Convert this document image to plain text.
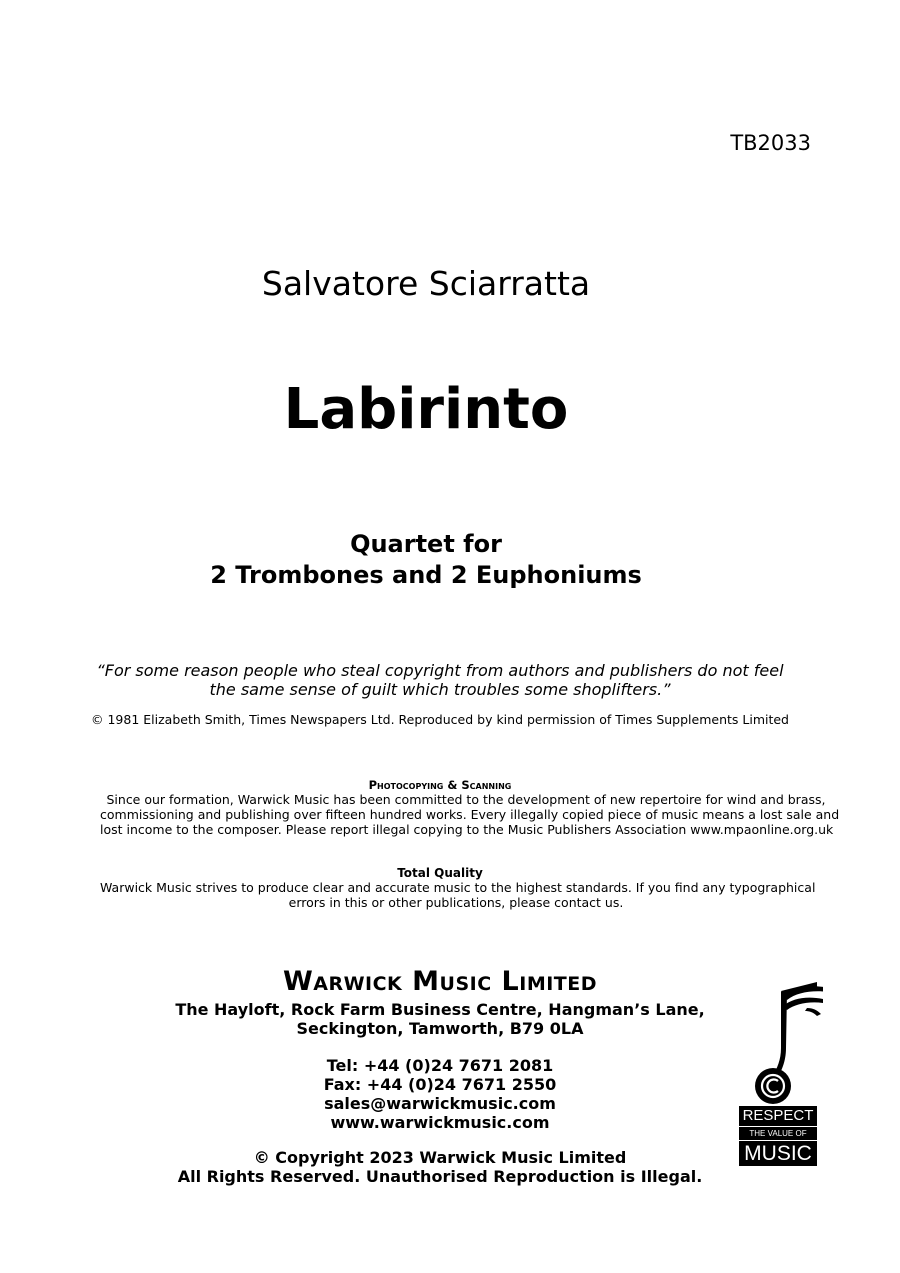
TB2033
Salvatore Sciarratta
Labirinto
Quartet for
2 Trombones and 2 Euphoniums
“For some reason people who steal copyright from authors and publishers do not feel
the same sense of guilt which troubles some shoplifters.”
© 1981 Elizabeth Smith, Times Newspapers Ltd. Reproduced by kind permission of Times Supplements Limited
Photocopying & Scanning
Since our formation, Warwick Music has been committed to the development of new repertoire for wind and brass,
commissioning and publishing over fifteen hundred works. Every illegally copied piece of music means a lost sale and
lost income to the composer. Please report illegal copying to the Music Publishers Association www.mpaonline.org.uk
Total Quality
Warwick Music strives to produce clear and accurate music to the highest standards. If you find any typographical
errors in this or other publications, please contact us.
Warwick Music Limited
The Hayloft, Rock Farm Business Centre, Hangman’s Lane,
Seckington, Tamworth, B79 0LA
Tel: +44 (0)24 7671 2081
Fax: +44 (0)24 7671 2550
sales@warwickmusic.com
www.warwickmusic.com
© Copyright 2023 Warwick Music Limited
All Rights Reserved. Unauthorised Reproduction is Illegal.
RESPECT
THE VALUE OF
MUSIC
